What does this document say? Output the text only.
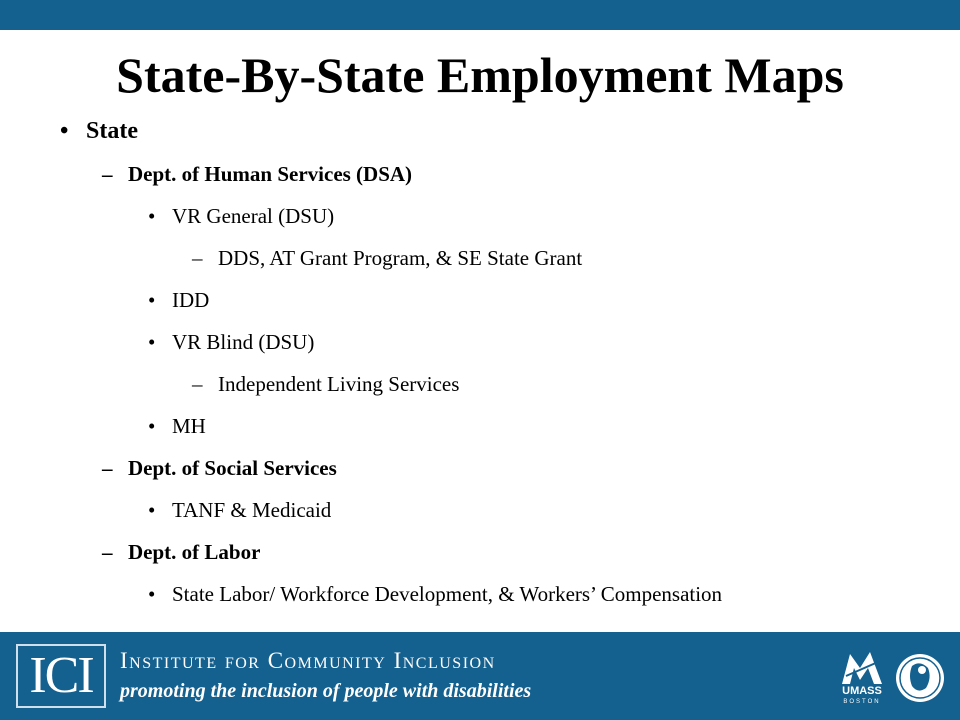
State-By-State Employment Maps
• State
– Dept. of Human Services (DSA)
• VR General (DSU)
– DDS, AT Grant Program, & SE State Grant
• IDD
• VR Blind (DSU)
– Independent Living Services
• MH
– Dept. of Social Services
• TANF & Medicaid
– Dept. of Labor
• State Labor/ Workforce Development, & Workers’ Compensation
ICI	Institute for Community Inclusion
promoting the inclusion of people with disabilities	UMASS
BOSTON
